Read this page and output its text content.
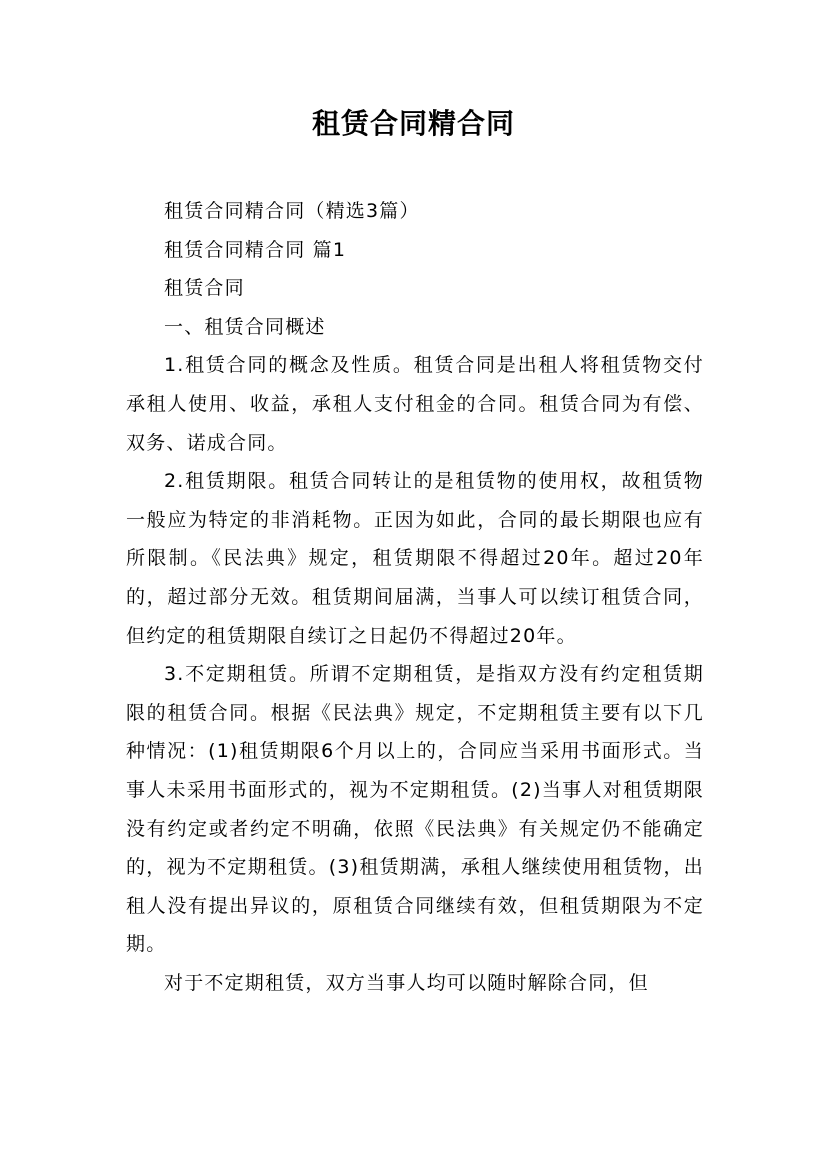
租赁合同精合同

租赁合同精合同（精选3篇）

租赁合同精合同 篇1

租赁合同

一、租赁合同概述

1.租赁合同的概念及性质。租赁合同是出租人将租赁物交付承租人使用、收益，承租人支付租金的合同。租赁合同为有偿、双务、诺成合同。

2.租赁期限。租赁合同转让的是租赁物的使用权，故租赁物一般应为特定的非消耗物。正因为如此，合同的最长期限也应有所限制。《民法典》规定，租赁期限不得超过20年。超过20年的，超过部分无效。租赁期间届满，当事人可以续订租赁合同，但约定的租赁期限自续订之日起仍不得超过20年。

3.不定期租赁。所谓不定期租赁，是指双方没有约定租赁期限的租赁合同。根据《民法典》规定，不定期租赁主要有以下几种情况：(1)租赁期限6个月以上的，合同应当采用书面形式。当事人未采用书面形式的，视为不定期租赁。(2)当事人对租赁期限没有约定或者约定不明确，依照《民法典》有关规定仍不能确定的，视为不定期租赁。(3)租赁期满，承租人继续使用租赁物，出租人没有提出异议的，原租赁合同继续有效，但租赁期限为不定期。

对于不定期租赁，双方当事人均可以随时解除合同，但
